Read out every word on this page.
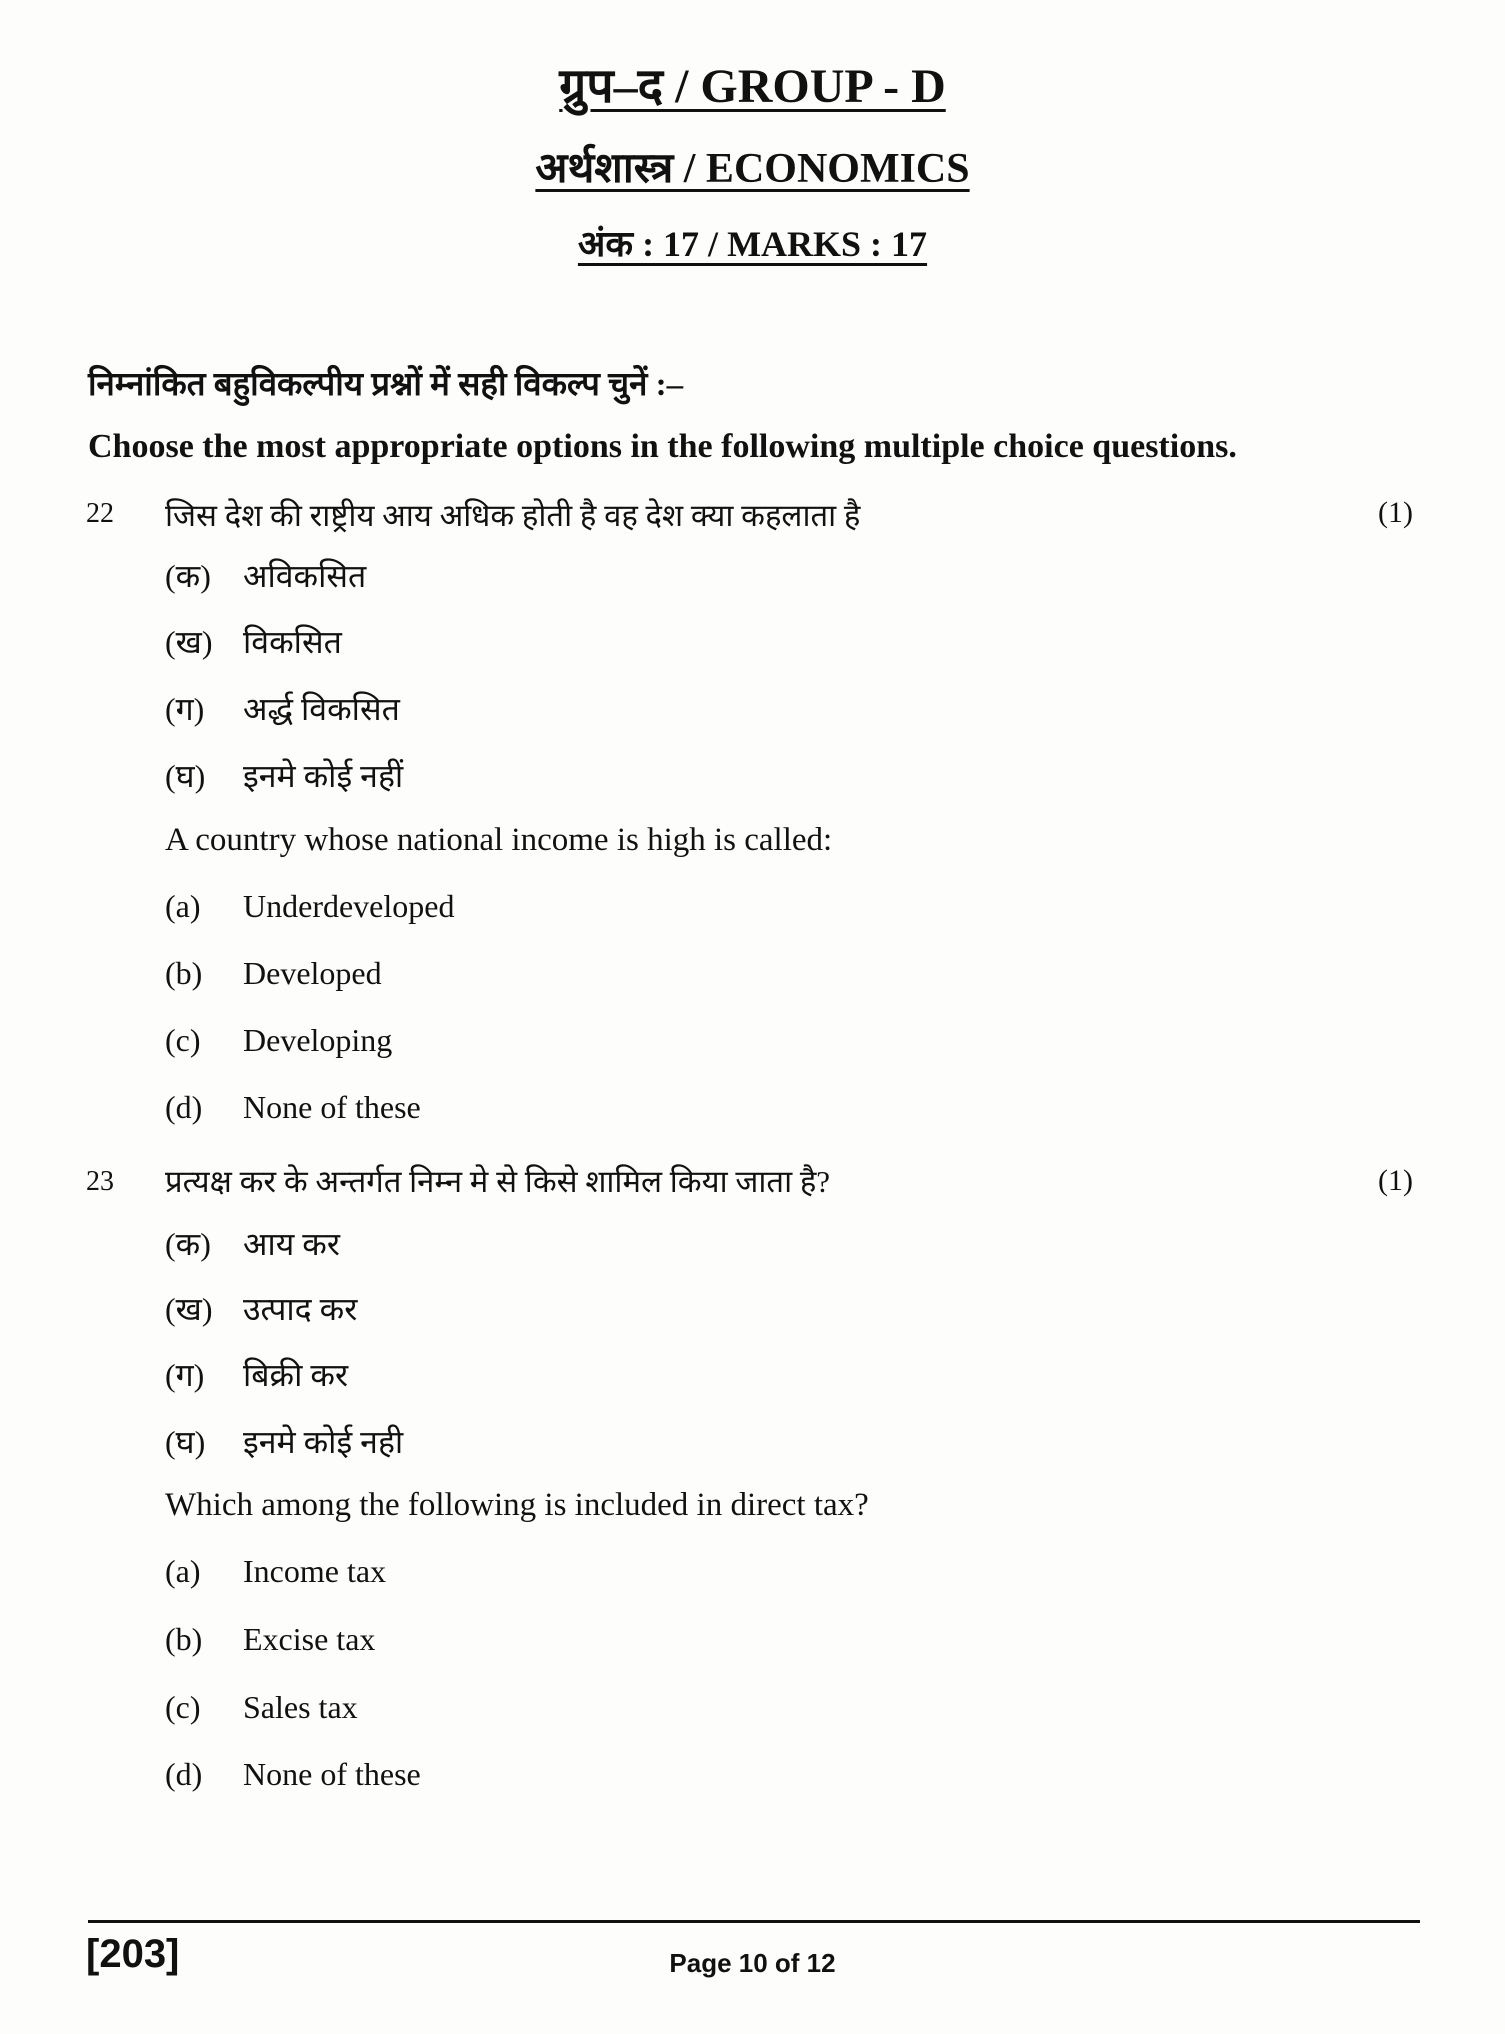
ग्रुप–द / GROUP - D
अर्थशास्त्र / ECONOMICS
अंक : 17 / MARKS : 17
निम्नांकित बहुविकल्पीय प्रश्नों में सही विकल्प चुनें :–
Choose the most appropriate options in the following multiple choice questions.
22 जिस देश की राष्ट्रीय आय अधिक होती है वह देश क्या कहलाता है	(1)
(क) अविकसित
(ख) विकसित
(ग) अर्द्ध विकसित
(घ) इनमे कोई नहीं
A country whose national income is high is called:
(a) Underdeveloped
(b) Developed
(c) Developing
(d) None of these
23 प्रत्यक्ष कर के अन्तर्गत निम्न मे से किसे शामिल किया जाता है?	(1)
(क) आय कर
(ख) उत्पाद कर
(ग) बिक्री कर
(घ) इनमे कोई नही
Which among the following is included in direct tax?
(a) Income tax
(b) Excise tax
(c) Sales tax
(d) None of these
[203]	Page 10 of 12
